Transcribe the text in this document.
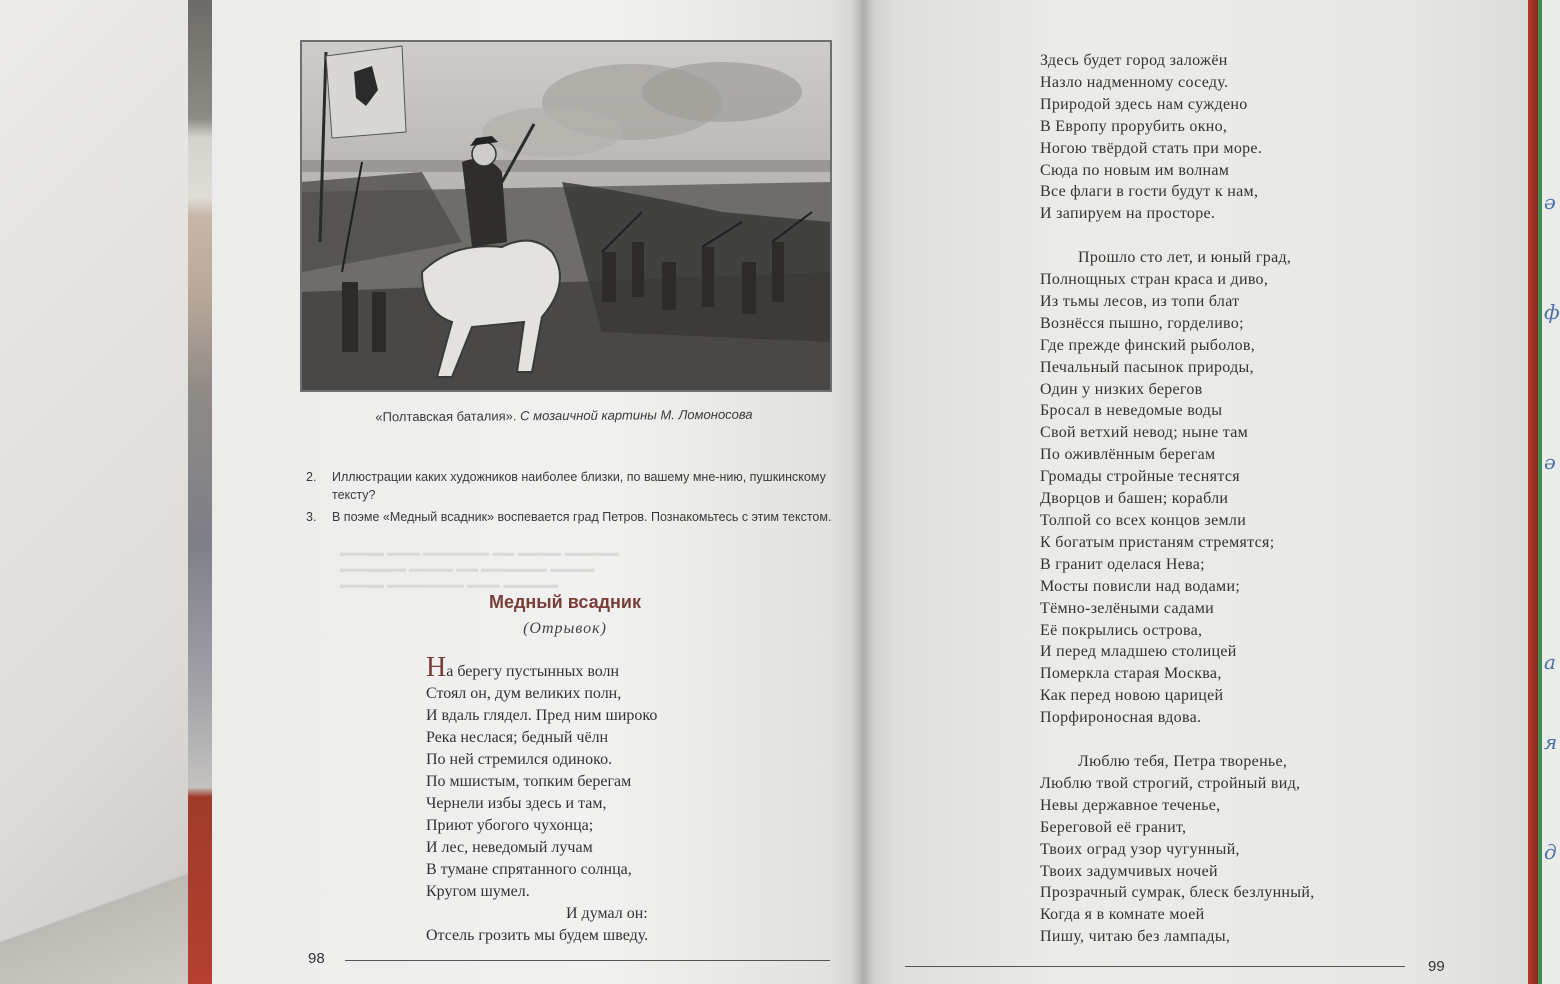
ә
ф
ә
а
я
д
▬▬▬▬ ▬▬▬ ▬▬▬▬▬▬ ▬▬ ▬▬▬▬ ▬▬▬▬▬
▬▬▬▬▬▬ ▬▬▬▬ ▬▬ ▬▬▬▬▬▬ ▬▬▬▬
▬▬▬▬ ▬▬▬▬▬▬▬ ▬▬▬ ▬▬▬▬▬
«Полтавская баталия». С мозаичной картины М. Ломоносова
2. Иллюстрации каких художников наиболее близки, по вашему мне-нию, пушкинскому тексту?
3. В поэме «Медный всадник» воспевается град Петров. Познакомьтесь с этим текстом.
Медный всадник
(Отрывок)
На берегу пустынных волн
Стоял он, дум великих полн,
И вдаль глядел. Пред ним широко
Река неслася; бедный чёлн
По ней стремился одиноко.
По мшистым, топким берегам
Чернели избы здесь и там,
Приют убогого чухонца;
И лес, неведомый лучам
В тумане спрятанного солнца,
Кругом шумел.
И думал он:
Отсель грозить мы будем шведу.
98
Здесь будет город заложён
Назло надменному соседу.
Природой здесь нам суждено
В Европу прорубить окно,
Ногою твёрдой стать при море.
Сюда по новым им волнам
Все флаги в гости будут к нам,
И запируем на просторе.
Прошло сто лет, и юный град,
Полнощных стран краса и диво,
Из тьмы лесов, из топи блат
Вознёсся пышно, горделиво;
Где прежде финский рыболов,
Печальный пасынок природы,
Один у низких берегов
Бросал в неведомые воды
Свой ветхий невод; ныне там
По оживлённым берегам
Громады стройные теснятся
Дворцов и башен; корабли
Толпой со всех концов земли
К богатым пристаням стремятся;
В гранит оделася Нева;
Мосты повисли над водами;
Тёмно-зелёными садами
Её покрылись острова,
И перед младшею столицей
Померкла старая Москва,
Как перед новою царицей
Порфироносная вдова.
Люблю тебя, Петра творенье,
Люблю твой строгий, стройный вид,
Невы державное теченье,
Береговой её гранит,
Твоих оград узор чугунный,
Твоих задумчивых ночей
Прозрачный сумрак, блеск безлунный,
Когда я в комнате моей
Пишу, читаю без лампады,
99
